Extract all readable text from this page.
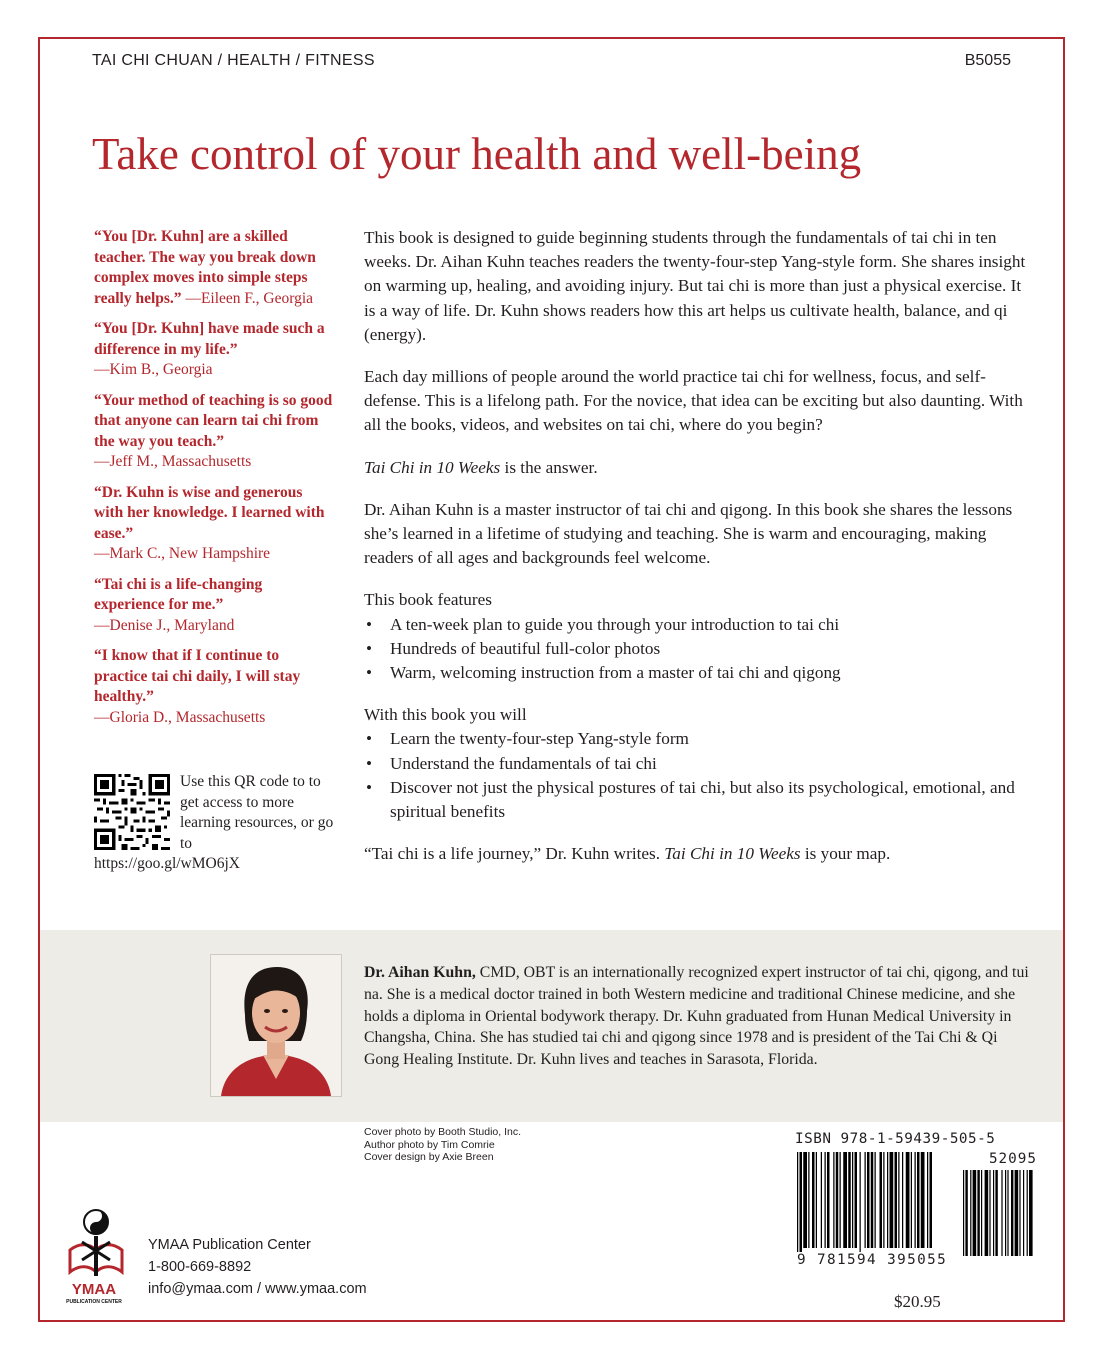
TAI CHI CHUAN / HEALTH / FITNESS	B5055
Take control of your health and well-being

“You [Dr. Kuhn] are a skilled teacher. The way you break down complex moves into simple steps really helps.” —Eileen F., Georgia

“You [Dr. Kuhn] have made such a difference in my life.”
—Kim B., Georgia

“Your method of teaching is so good that anyone can learn tai chi from the way you teach.”
—Jeff M., Massachusetts

“Dr. Kuhn is wise and generous with her knowledge. I learned with ease.”
—Mark C., New Hampshire

“Tai chi is a life-changing experience for me.”
—Denise J., Maryland

“I know that if I continue to practice tai chi daily, I will stay healthy.”
—Gloria D., Massachusetts

Use this QR code to to get access to more learning resources, or go to https://goo.gl/wMO6jX

This book is designed to guide beginning students through the fundamentals of tai chi in ten weeks. Dr. Aihan Kuhn teaches readers the twenty-four-step Yang-style form. She shares insight on warming up, healing, and avoiding injury. But tai chi is more than just a physical exercise. It is a way of life. Dr. Kuhn shows readers how this art helps us cultivate health, balance, and qi (energy).

Each day millions of people around the world practice tai chi for wellness, focus, and self-defense. This is a lifelong path. For the novice, that idea can be exciting but also daunting. With all the books, videos, and websites on tai chi, where do you begin?

Tai Chi in 10 Weeks is the answer.

Dr. Aihan Kuhn is a master instructor of tai chi and qigong. In this book she shares the lessons she’s learned in a lifetime of studying and teaching. She is warm and encouraging, making readers of all ages and backgrounds feel welcome.

This book features

• A ten-week plan to guide you through your introduction to tai chi
• Hundreds of beautiful full-color photos
• Warm, welcoming instruction from a master of tai chi and qigong

With this book you will

• Learn the twenty-four-step Yang-style form
• Understand the fundamentals of tai chi
• Discover not just the physical postures of tai chi, but also its psychological, emotional, and spiritual benefits

“Tai chi is a life journey,” Dr. Kuhn writes. Tai Chi in 10 Weeks is your map.

Dr. Aihan Kuhn, CMD, OBT is an internationally recognized expert instructor of tai chi, qigong, and tui na. She is a medical doctor trained in both Western medicine and traditional Chinese medicine, and she holds a diploma in Oriental bodywork therapy. Dr. Kuhn graduated from Hunan Medical University in Changsha, China. She has studied tai chi and qigong since 1978 and is president of the Tai Chi & Qi Gong Healing Institute. Dr. Kuhn lives and teaches in Sarasota, Florida.
Cover photo by Booth Studio, Inc.
Author photo by Tim Comrie
Cover design by Axie Breen
YMAA
PUBLICATION CENTER
YMAA Publication Center
1-800-669-8892
info@ymaa.com / www.ymaa.com
ISBN 978-1-59439-505-5
52095
9 781594 395055
$20.95
